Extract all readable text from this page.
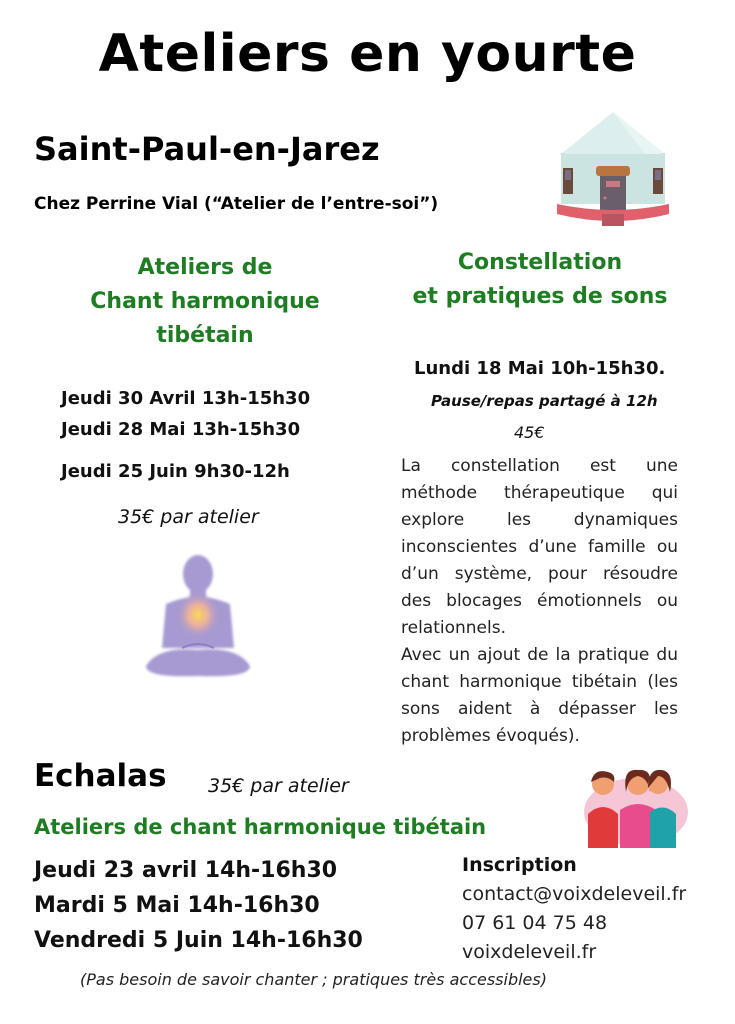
Ateliers en yourte
Saint-Paul-en-Jarez
Chez Perrine Vial (“Atelier de l’entre-soi”)
Ateliers de
Chant harmonique
tibétain
Jeudi 30 Avril 13h-15h30
Jeudi 28 Mai 13h-15h30
Jeudi 25 Juin 9h30-12h
35€ par atelier
Constellation
et pratiques de sons
Lundi 18 Mai 10h-15h30.
Pause/repas partagé à 12h
45€

La constellation est une méthode thérapeutique qui explore les dynamiques inconscientes d’une famille ou d’un système, pour résoudre des blocages émotionnels ou relationnels.

Avec un ajout de la pratique du chant harmonique tibétain (les sons aident à dépasser les problèmes évoqués).

Echalas 35€ par atelier
Ateliers de chant harmonique tibétain
Jeudi 23 avril 14h-16h30
Mardi 5 Mai 14h-16h30
Vendredi 5 Juin 14h-16h30
Inscription
contact@voixdeleveil.fr
07 61 04 75 48
voixdeleveil.fr
(Pas besoin de savoir chanter ; pratiques très accessibles)
